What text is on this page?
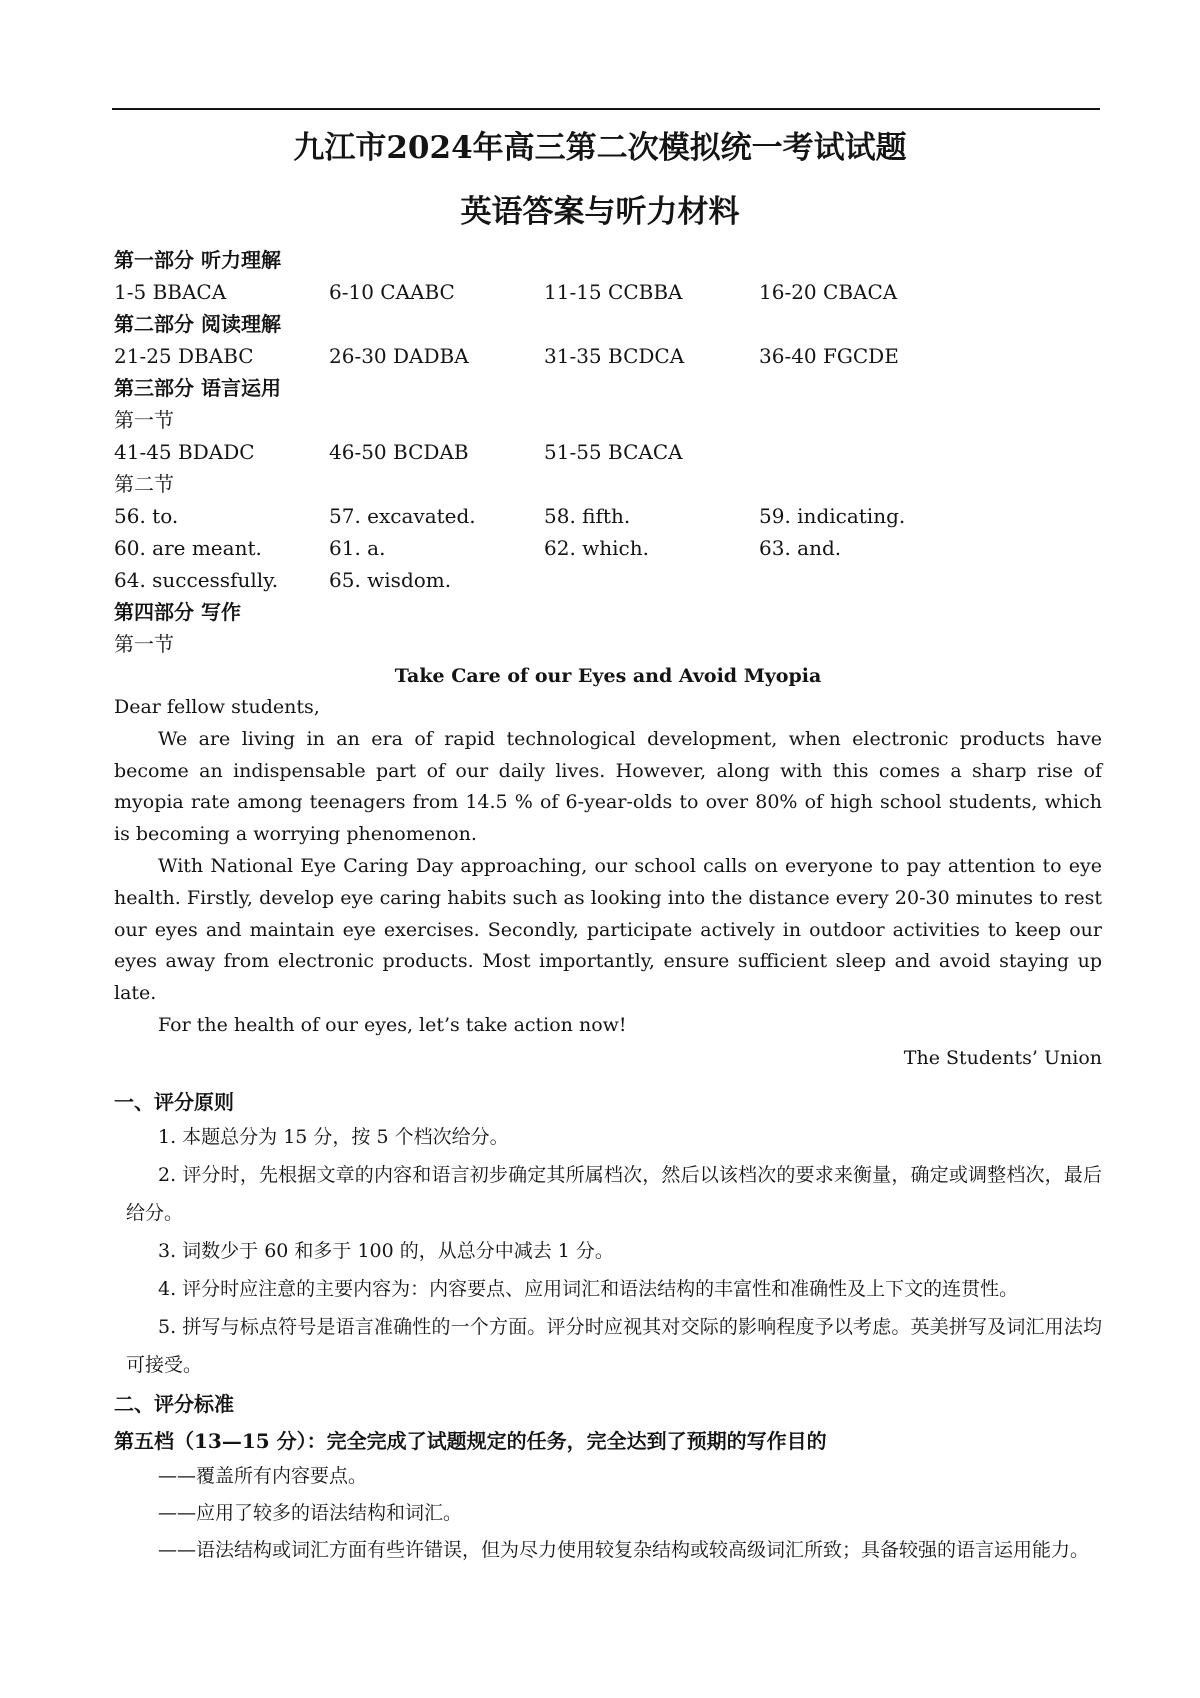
九江市2024年高三第二次模拟统一考试试题
英语答案与听力材料
第一部分 听力理解
1-5 BBACA	6-10 CAABC	11-15 CCBBA	16-20 CBACA
第二部分 阅读理解
21-25 DBABC	26-30 DADBA	31-35 BCDCA	36-40 FGCDE
第三部分 语言运用
第一节
41-45 BDADC	46-50 BCDAB	51-55 BCACA
第二节
56. to.	57. excavated.	58. fifth.	59. indicating.
60. are meant.	61. a.	62. which.	63. and.
64. successfully.	65. wisdom.
第四部分 写作
第一节
Take Care of our Eyes and Avoid Myopia

Dear fellow students,

We are living in an era of rapid technological development, when electronic products have become an indispensable part of our daily lives. However, along with this comes a sharp rise of myopia rate among teenagers from 14.5 % of 6-year-olds to over 80% of high school students, which is becoming a worrying phenomenon.

With National Eye Caring Day approaching, our school calls on everyone to pay attention to eye health. Firstly, develop eye caring habits such as looking into the distance every 20-30 minutes to rest our eyes and maintain eye exercises. Secondly, participate actively in outdoor activities to keep our eyes away from electronic products. Most importantly, ensure sufficient sleep and avoid staying up late.

For the health of our eyes, let’s take action now!

The Students’ Union
一、评分原则

1. 本题总分为 15 分，按 5 个档次给分。

2. 评分时，先根据文章的内容和语言初步确定其所属档次，然后以该档次的要求来衡量，确定或调整档次，最后给分。

3. 词数少于 60 和多于 100 的，从总分中减去 1 分。

4. 评分时应注意的主要内容为：内容要点、应用词汇和语法结构的丰富性和准确性及上下文的连贯性。

5. 拼写与标点符号是语言准确性的一个方面。评分时应视其对交际的影响程度予以考虑。英美拼写及词汇用法均可接受。

二、评分标准
第五档（13—15 分）：完全完成了试题规定的任务，完全达到了预期的写作目的

——覆盖所有内容要点。

——应用了较多的语法结构和词汇。

——语法结构或词汇方面有些许错误，但为尽力使用较复杂结构或较高级词汇所致；具备较强的语言运用能力。
